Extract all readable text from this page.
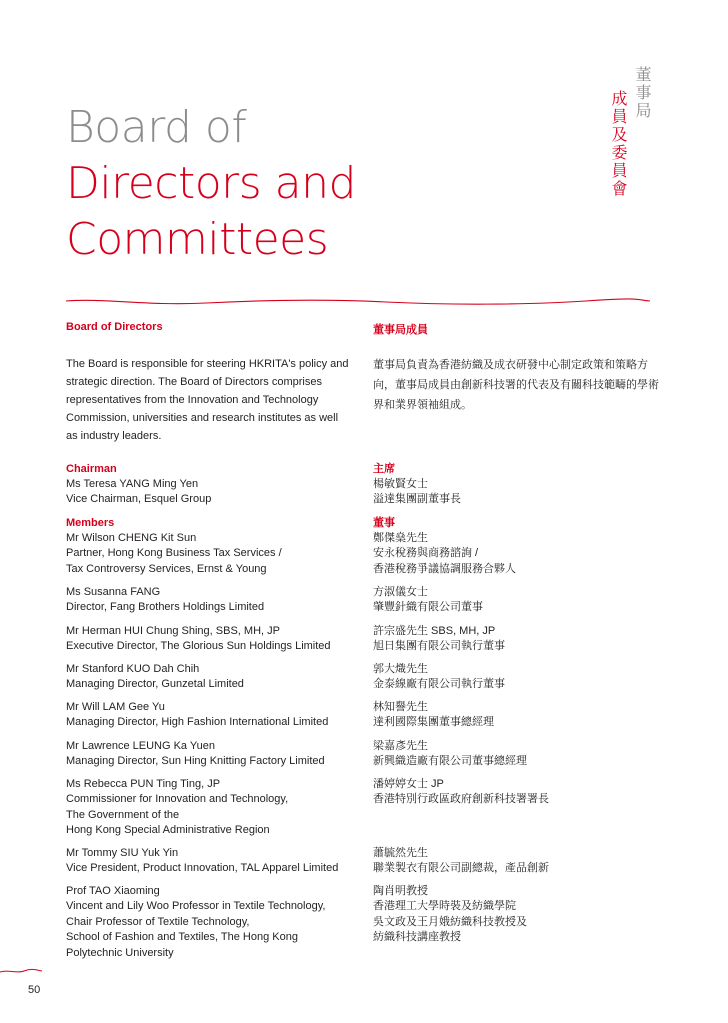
Board of
Directors and
Committees
董事局
成員及委員會
Board of Directors
The Board is responsible for steering HKRITA's policy and strategic direction. The Board of Directors comprises representatives from the Innovation and Technology Commission, universities and research institutes as well as industry leaders.
董事局成員
董事局負責為香港紡織及成衣研發中心制定政策和策略方向，董事局成員由創新科技署的代表及有關科技範疇的學術界和業界領袖組成。
Chairman
Ms Teresa YANG Ming Yen
Vice Chairman, Esquel Group
主席
楊敏賢女士
溢達集團副董事長
Members	董事
Mr Wilson CHENG Kit Sun
Partner, Hong Kong Business Tax Services /
Tax Controversy Services, Ernst & Young
鄭傑燊先生
安永稅務與商務諮詢 /
香港稅務爭議協調服務合夥人
Ms Susanna FANG
Director, Fang Brothers Holdings Limited
方淑儀女士
肇豐針織有限公司董事
Mr Herman HUI Chung Shing, SBS, MH, JP
Executive Director, The Glorious Sun Holdings Limited
許宗盛先生 SBS, MH, JP
旭日集團有限公司執行董事
Mr Stanford KUO Dah Chih
Managing Director, Gunzetal Limited
郭大熾先生
金泰線廠有限公司執行董事
Mr Will LAM Gee Yu
Managing Director, High Fashion International Limited
林知譽先生
達利國際集團董事總經理
Mr Lawrence LEUNG Ka Yuen
Managing Director, Sun Hing Knitting Factory Limited
梁嘉彥先生
新興織造廠有限公司董事總經理
Ms Rebecca PUN Ting Ting, JP
Commissioner for Innovation and Technology,
The Government of the
Hong Kong Special Administrative Region
潘婷婷女士 JP
香港特別行政區政府創新科技署署長
Mr Tommy SIU Yuk Yin
Vice President, Product Innovation, TAL Apparel Limited
蕭毓然先生
聯業製衣有限公司副總裁，產品創新
Prof TAO Xiaoming
Vincent and Lily Woo Professor in Textile Technology,
Chair Professor of Textile Technology,
School of Fashion and Textiles, The Hong Kong
Polytechnic University
陶肖明教授
香港理工大學時裝及紡織學院
吳文政及王月娥紡織科技教授及
紡織科技講座教授
50
